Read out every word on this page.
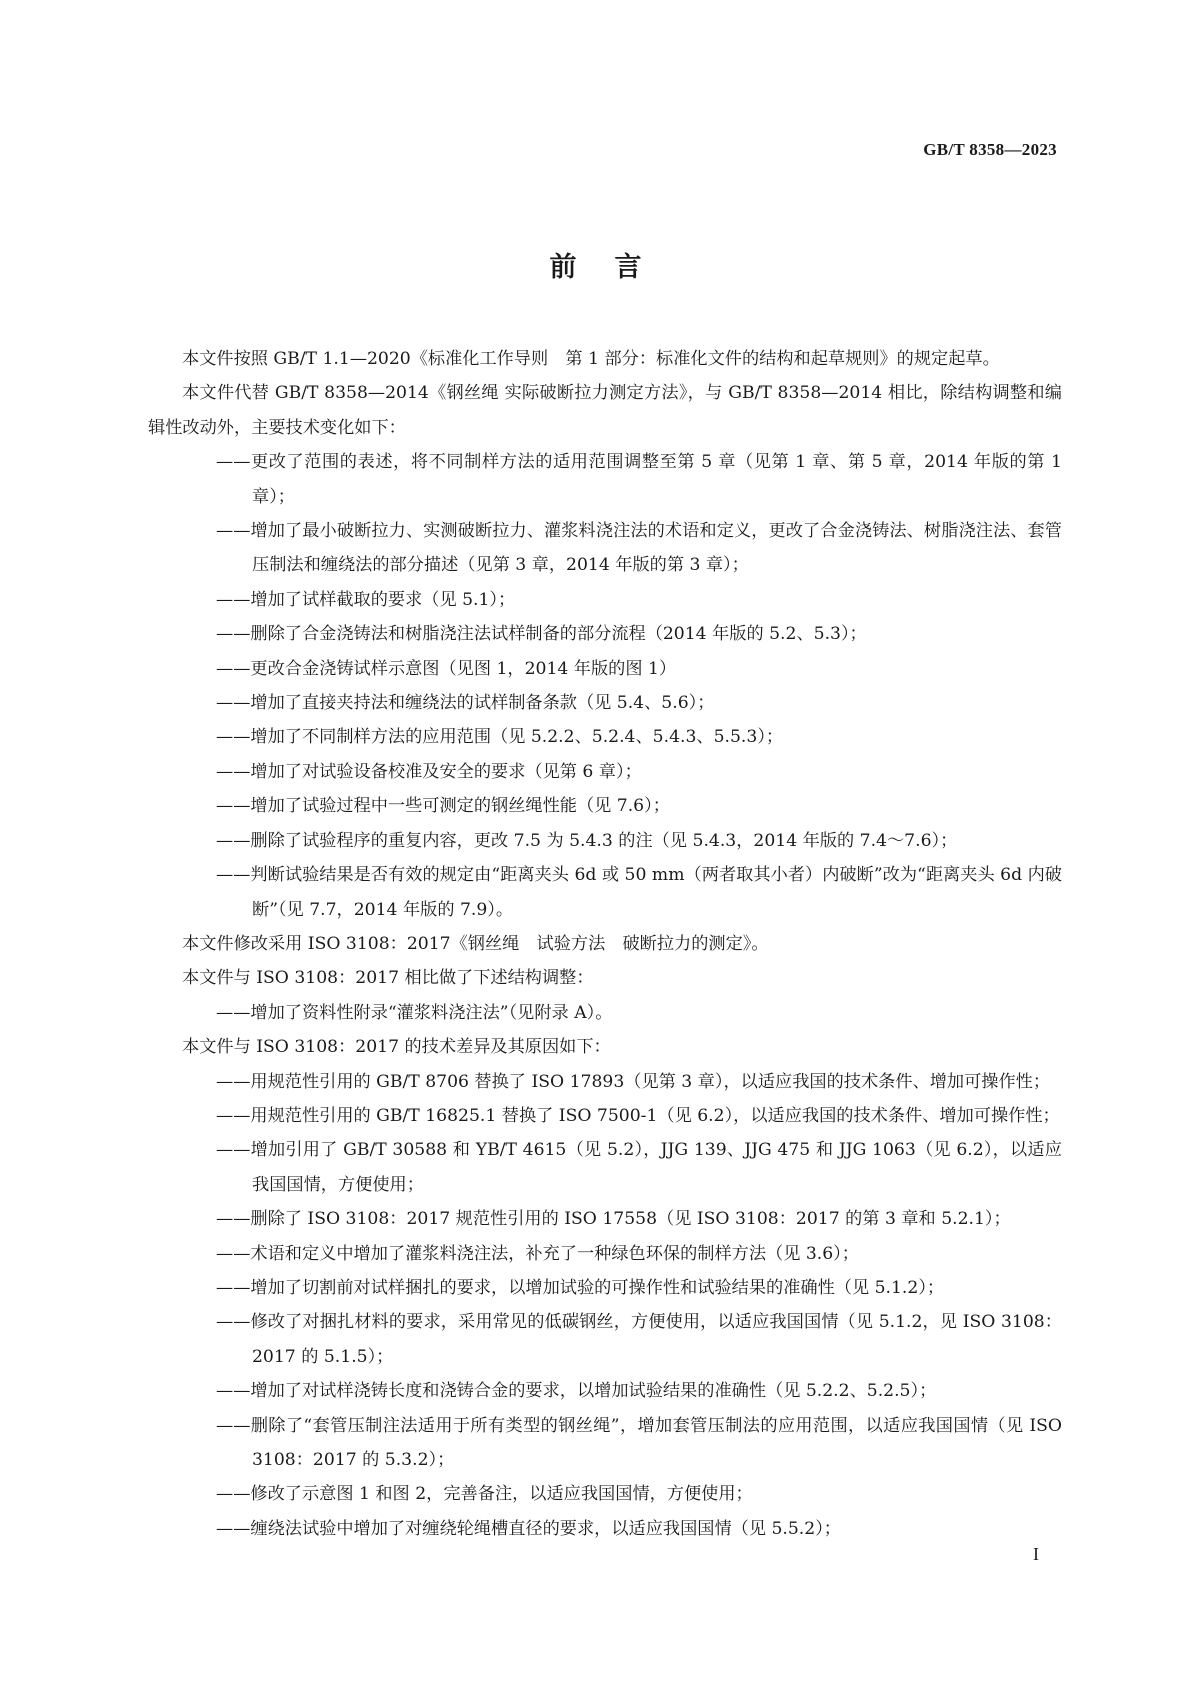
GB/T 8358—2023
前言

本文件按照 GB/T 1.1—2020《标准化工作导则　第 1 部分：标准化文件的结构和起草规则》的规定起草。

本文件代替 GB/T 8358—2014《钢丝绳 实际破断拉力测定方法》，与 GB/T 8358—2014 相比，除结构调整和编辑性改动外，主要技术变化如下：

——更改了范围的表述，将不同制样方法的适用范围调整至第 5 章（见第 1 章、第 5 章，2014 年版的第 1 章）；

——增加了最小破断拉力、实测破断拉力、灌浆料浇注法的术语和定义，更改了合金浇铸法、树脂浇注法、套管压制法和缠绕法的部分描述（见第 3 章，2014 年版的第 3 章）；

——增加了试样截取的要求（见 5.1）；

——删除了合金浇铸法和树脂浇注法试样制备的部分流程（2014 年版的 5.2、5.3）；

——更改合金浇铸试样示意图（见图 1，2014 年版的图 1）

——增加了直接夹持法和缠绕法的试样制备条款（见 5.4、5.6）；

——增加了不同制样方法的应用范围（见 5.2.2、5.2.4、5.4.3、5.5.3）；

——增加了对试验设备校准及安全的要求（见第 6 章）；

——增加了试验过程中一些可测定的钢丝绳性能（见 7.6）；

——删除了试验程序的重复内容，更改 7.5 为 5.4.3 的注（见 5.4.3，2014 年版的 7.4～7.6）；

——判断试验结果是否有效的规定由“距离夹头 6d 或 50 mm（两者取其小者）内破断”改为“距离夹头 6d 内破断”（见 7.7，2014 年版的 7.9）。

本文件修改采用 ISO 3108：2017《钢丝绳　试验方法　破断拉力的测定》。

本文件与 ISO 3108：2017 相比做了下述结构调整：

——增加了资料性附录“灌浆料浇注法”（见附录 A）。

本文件与 ISO 3108：2017 的技术差异及其原因如下：

——用规范性引用的 GB/T 8706 替换了 ISO 17893（见第 3 章），以适应我国的技术条件、增加可操作性；

——用规范性引用的 GB/T 16825.1 替换了 ISO 7500-1（见 6.2），以适应我国的技术条件、增加可操作性；

——增加引用了 GB/T 30588 和 YB/T 4615（见 5.2），JJG 139、JJG 475 和 JJG 1063（见 6.2），以适应我国国情，方便使用；

——删除了 ISO 3108：2017 规范性引用的 ISO 17558（见 ISO 3108：2017 的第 3 章和 5.2.1）；

——术语和定义中增加了灌浆料浇注法，补充了一种绿色环保的制样方法（见 3.6）；

——增加了切割前对试样捆扎的要求，以增加试验的可操作性和试验结果的准确性（见 5.1.2）；

——修改了对捆扎材料的要求，采用常见的低碳钢丝，方便使用，以适应我国国情（见 5.1.2，见 ISO 3108：2017 的 5.1.5）；

——增加了对试样浇铸长度和浇铸合金的要求，以增加试验结果的准确性（见 5.2.2、5.2.5）；

——删除了“套管压制注法适用于所有类型的钢丝绳”，增加套管压制法的应用范围，以适应我国国情（见 ISO 3108：2017 的 5.3.2）；

——修改了示意图 1 和图 2，完善备注，以适应我国国情，方便使用；

——缠绕法试验中增加了对缠绕轮绳槽直径的要求，以适应我国国情（见 5.5.2）；

I
